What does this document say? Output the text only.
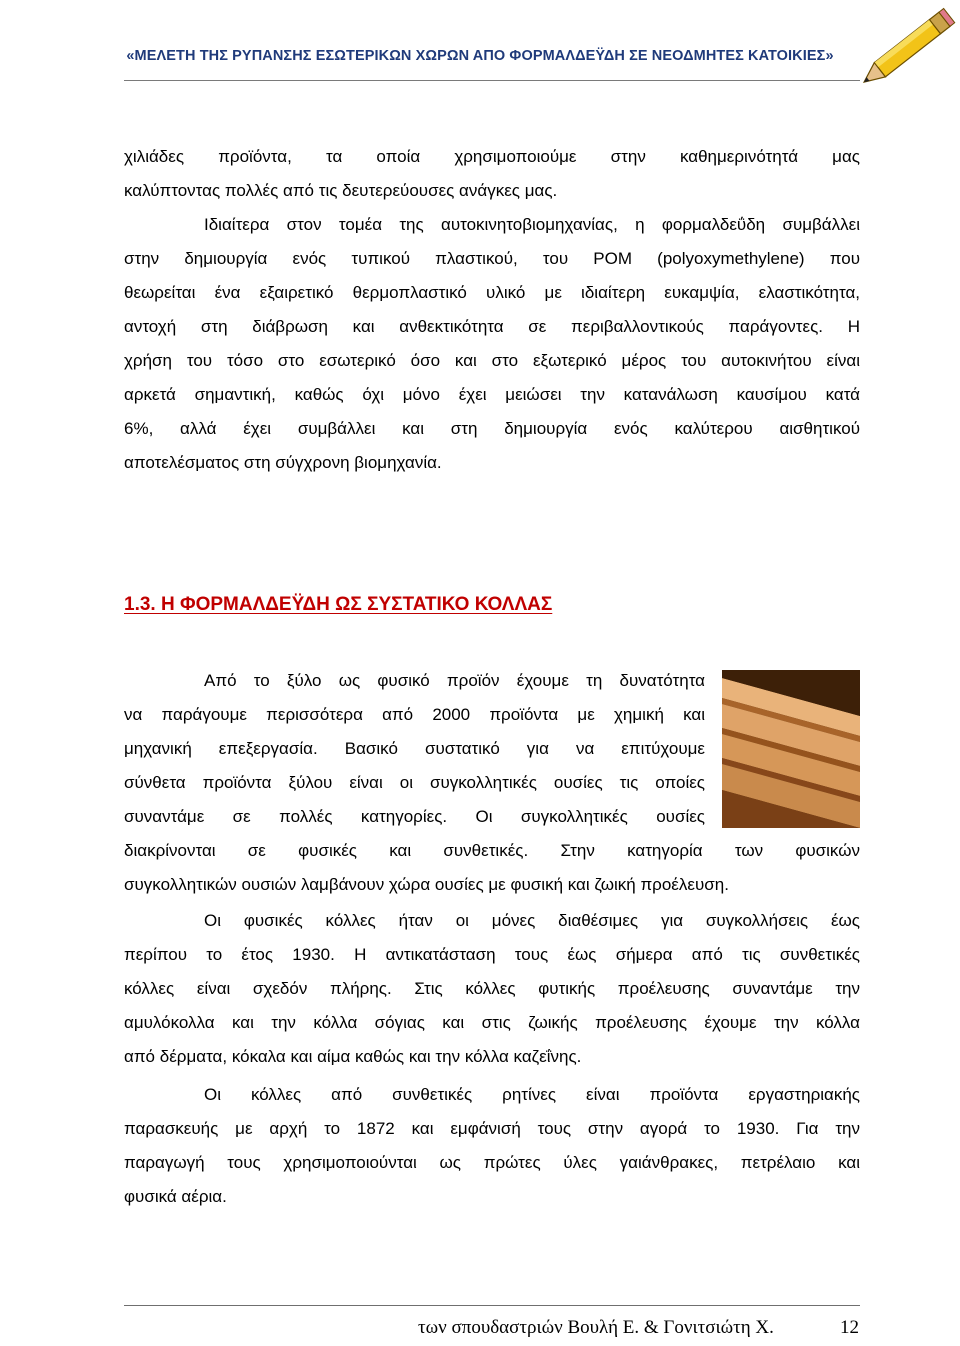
«ΜΕΛΕΤΗ ΤΗΣ ΡΥΠΑΝΣΗΣ ΕΣΩΤΕΡΙΚΩΝ ΧΩΡΩΝ ΑΠΟ ΦΟΡΜΑΛΔΕΫΔΗ ΣΕ ΝΕΟΔΜΗΤΕΣ ΚΑΤΟΙΚΙΕΣ»
χιλιάδες προϊόντα, τα οποία χρησιμοποιούμε στην καθημερινότητά μας
καλύπτοντας πολλές από τις δευτερεύουσες ανάγκες μας.
Ιδιαίτερα στον τομέα της αυτοκινητοβιομηχανίας, η φορμαλδεΰδη συμβάλλει
στην δημιουργία ενός τυπικού πλαστικού, του POM (polyoxymethylene) που
θεωρείται ένα εξαιρετικό θερμοπλαστικό υλικό με ιδιαίτερη ευκαμψία, ελαστικότητα,
αντοχή στη διάβρωση και ανθεκτικότητα σε περιβαλλοντικούς παράγοντες. Η
χρήση του τόσο στο εσωτερικό όσο και στο εξωτερικό μέρος του αυτοκινήτου είναι
αρκετά σημαντική, καθώς όχι μόνο έχει μειώσει την κατανάλωση καυσίμου κατά
6%, αλλά έχει συμβάλλει και στη δημιουργία ενός καλύτερου αισθητικού
αποτελέσματος στη σύγχρονη βιομηχανία.
1.3. Η ΦΟΡΜΑΛΔΕΫΔΗ ΩΣ ΣΥΣΤΑΤΙΚΟ ΚΟΛΛΑΣ
Από το ξύλο ως φυσικό προϊόν έχουμε τη δυνατότητα
να παράγουμε περισσότερα από 2000 προϊόντα με χημική και
μηχανική επεξεργασία. Βασικό συστατικό για να επιτύχουμε
σύνθετα προϊόντα ξύλου είναι οι συγκολλητικές ουσίες τις οποίες
συναντάμε σε πολλές κατηγορίες. Οι συγκολλητικές ουσίες
διακρίνονται σε φυσικές και συνθετικές. Στην κατηγορία των φυσικών
συγκολλητικών ουσιών λαμβάνουν χώρα ουσίες με φυσική και ζωική προέλευση.
Οι φυσικές κόλλες ήταν οι μόνες διαθέσιμες για συγκολλήσεις έως
περίπου το έτος 1930. Η αντικατάσταση τους έως σήμερα από τις συνθετικές
κόλλες είναι σχεδόν πλήρης. Στις κόλλες φυτικής προέλευσης συναντάμε την
αμυλόκολλα και την κόλλα σόγιας και στις ζωικής προέλευσης έχουμε την κόλλα
από δέρματα, κόκαλα και αίμα καθώς και την κόλλα καζεΐνης.
Οι κόλλες από συνθετικές ρητίνες είναι προϊόντα εργαστηριακής
παρασκευής με αρχή το 1872 και εμφάνισή τους στην αγορά το 1930. Για την
παραγωγή τους χρησιμοποιούνται ως πρώτες ύλες γαιάνθρακες, πετρέλαιο και
φυσικά αέρια.
των σπουδαστριών Βουλή Ε. & Γονιτσιώτη Χ.	12
